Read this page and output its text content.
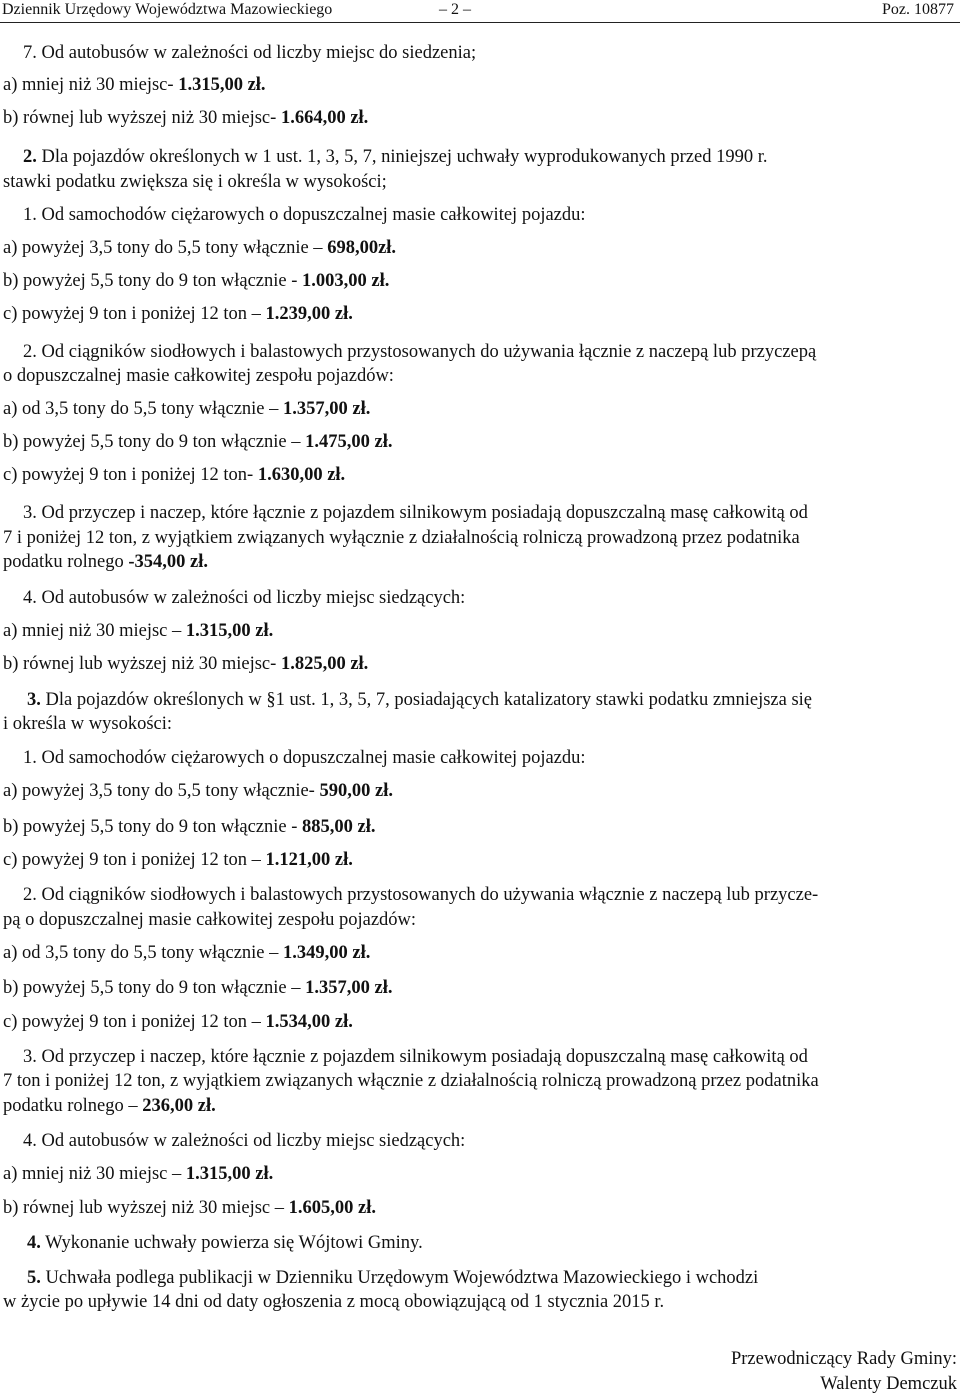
Dziennik Urzędowy Województwa Mazowieckiego	– 2 –	Poz. 10877
7. Od autobusów w zależności od liczby miejsc do siedzenia;
a) mniej niż 30 miejsc- 1.315,00 zł.
b) równej lub wyższej niż 30 miejsc- 1.664,00 zł.
2. Dla pojazdów określonych w 1 ust. 1, 3, 5, 7, niniejszej uchwały wyprodukowanych przed 1990 r.
stawki podatku zwiększa się i określa w wysokości;
1. Od samochodów ciężarowych o dopuszczalnej masie całkowitej pojazdu:
a) powyżej 3,5 tony do 5,5 tony włącznie – 698,00zł.
b) powyżej 5,5 tony do 9 ton włącznie - 1.003,00 zł.
c) powyżej 9 ton i poniżej 12 ton – 1.239,00 zł.
2. Od ciągników siodłowych i balastowych przystosowanych do używania łącznie z naczepą lub przyczepą
o dopuszczalnej masie całkowitej zespołu pojazdów:
a) od 3,5 tony do 5,5 tony włącznie – 1.357,00 zł.
b) powyżej 5,5 tony do 9 ton włącznie – 1.475,00 zł.
c) powyżej 9 ton i poniżej 12 ton- 1.630,00 zł.
3. Od przyczep i naczep, które łącznie z pojazdem silnikowym posiadają dopuszczalną masę całkowitą od
7 i poniżej 12 ton, z wyjątkiem związanych wyłącznie z działalnością rolniczą prowadzoną przez podatnika
podatku rolnego -354,00 zł.
4. Od autobusów w zależności od liczby miejsc siedzących:
a) mniej niż 30 miejsc – 1.315,00 zł.
b) równej lub wyższej niż 30 miejsc- 1.825,00 zł.
3. Dla pojazdów określonych w §1 ust. 1, 3, 5, 7, posiadających katalizatory stawki podatku zmniejsza się
i określa w wysokości:
1. Od samochodów ciężarowych o dopuszczalnej masie całkowitej pojazdu:
a) powyżej 3,5 tony do 5,5 tony włącznie- 590,00 zł.
b) powyżej 5,5 tony do 9 ton włącznie - 885,00 zł.
c) powyżej 9 ton i poniżej 12 ton – 1.121,00 zł.
2. Od ciągników siodłowych i balastowych przystosowanych do używania włącznie z naczepą lub przycze-
pą o dopuszczalnej masie całkowitej zespołu pojazdów:
a) od 3,5 tony do 5,5 tony włącznie – 1.349,00 zł.
b) powyżej 5,5 tony do 9 ton włącznie – 1.357,00 zł.
c) powyżej 9 ton i poniżej 12 ton – 1.534,00 zł.
3. Od przyczep i naczep, które łącznie z pojazdem silnikowym posiadają dopuszczalną masę całkowitą od
7 ton i poniżej 12 ton, z wyjątkiem związanych włącznie z działalnością rolniczą prowadzoną przez podatnika
podatku rolnego – 236,00 zł.
4. Od autobusów w zależności od liczby miejsc siedzących:
a) mniej niż 30 miejsc – 1.315,00 zł.
b) równej lub wyższej niż 30 miejsc – 1.605,00 zł.
4. Wykonanie uchwały powierza się Wójtowi Gminy.
5. Uchwała podlega publikacji w Dzienniku Urzędowym Województwa Mazowieckiego i wchodzi
w życie po upływie 14 dni od daty ogłoszenia z mocą obowiązującą od 1 stycznia 2015 r.
Przewodniczący Rady Gminy:
Walenty Demczuk
